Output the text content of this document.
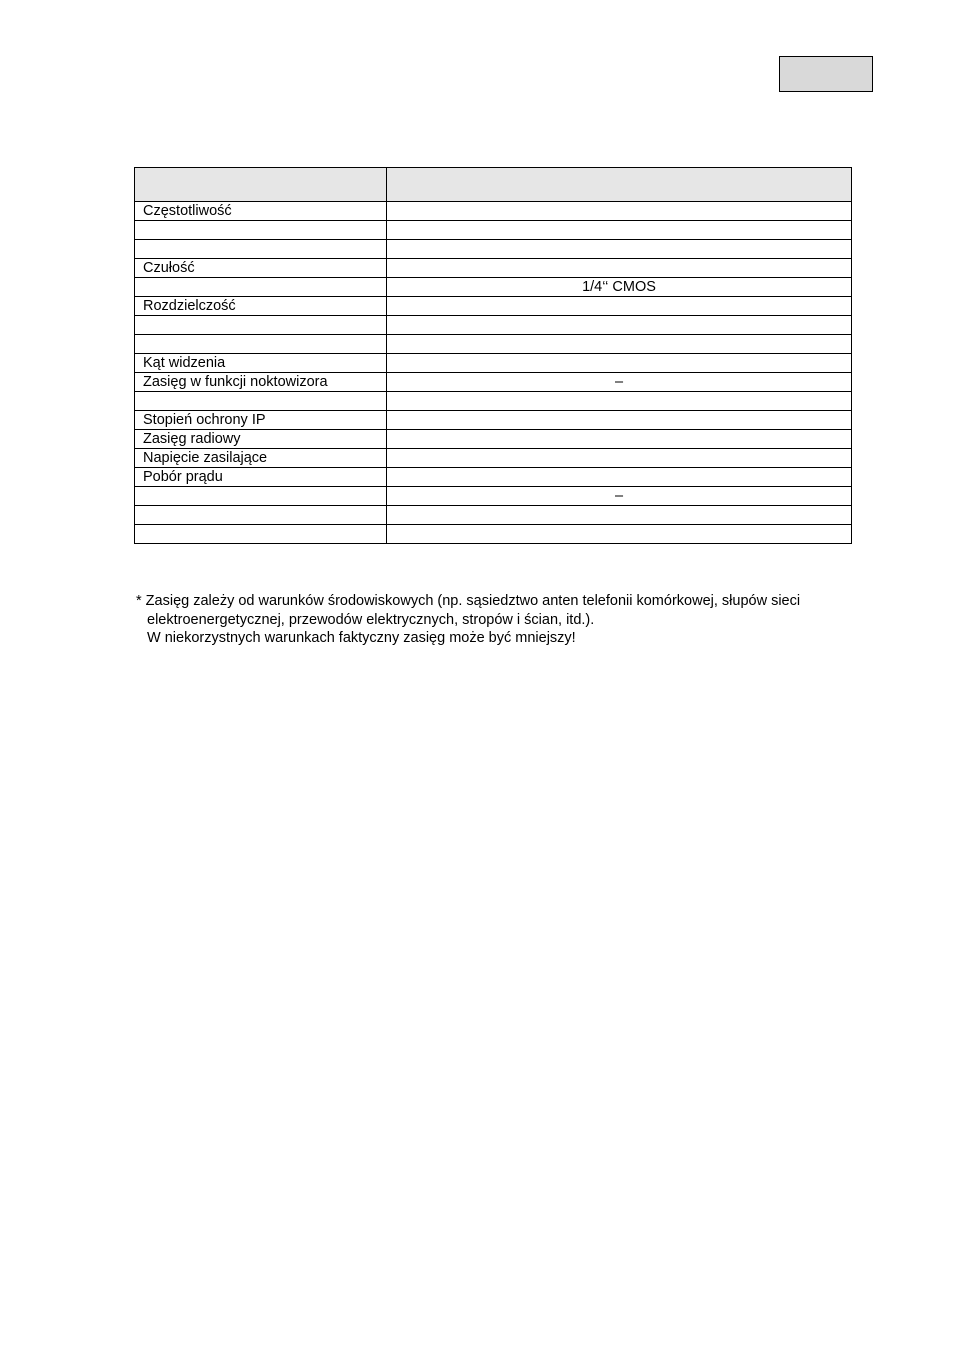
Częstotliwość	

Czułość	
	1/4‘‘ CMOS
Rozdzielczość	

Kąt widzenia	
Zasięg w funkcji noktowizora	–

Stopień ochrony IP	
Zasięg radiowy	
Napięcie zasilające	
Pobór prądu	
	–

* Zasięg zależy od warunków środowiskowych (np. sąsiedztwo anten telefonii komórkowej, słupów sieci
elektroenergetycznej, przewodów elektrycznych, stropów i ścian, itd.).
W niekorzystnych warunkach faktyczny zasięg może być mniejszy!
